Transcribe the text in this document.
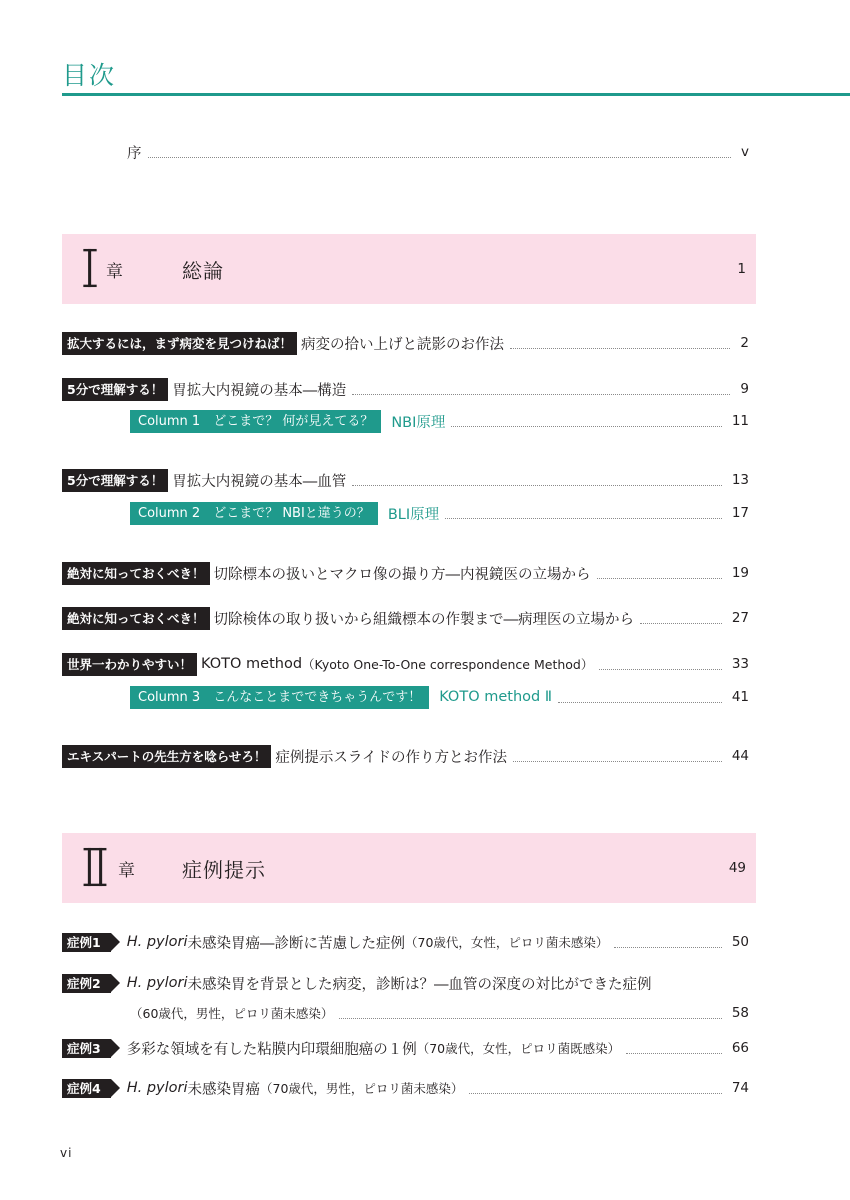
目次
序	v
章	総論	1
拡大するには，まず病変を見つけねば！ 病変の拾い上げと読影のお作法	2
5分で理解する！ 胃拡大内視鏡の基本―構造	9
Column 1　どこまで？ 何が見えてる？	NBI原理	11
5分で理解する！ 胃拡大内視鏡の基本―血管	13
Column 2　どこまで？ NBIと違うの？	BLI原理	17
絶対に知っておくべき！ 切除標本の扱いとマクロ像の撮り方―内視鏡医の立場から	19
絶対に知っておくべき！ 切除検体の取り扱いから組織標本の作製まで―病理医の立場から	27
世界一わかりやすい！ KOTO method （Kyoto One-To-One correspondence Method）	33
Column 3　こんなことまでできちゃうんです！	KOTO method Ⅱ	41
エキスパートの先生方を唸らせろ！ 症例提示スライドの作り方とお作法	44
章 症例提示	49
症例1	H. pylori 未感染胃癌―診断に苦慮した症例 （70歳代，女性，ピロリ菌未感染）	50
症例2	H. pylori 未感染胃を背景とした病変，診断は？―血管の深度の対比ができた症例
（60歳代，男性，ピロリ菌未感染）	58
症例3	多彩な領域を有した粘膜内印環細胞癌の１例 （70歳代，女性，ピロリ菌既感染）	66
症例4	H. pylori 未感染胃癌 （70歳代，男性，ピロリ菌未感染）	74
vi
